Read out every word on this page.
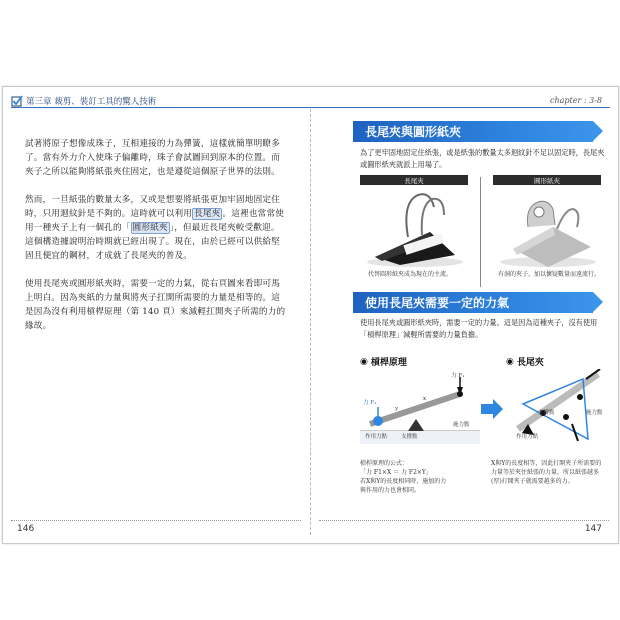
第三章 裁剪、裝訂工具的驚人技術	chapter : 3-8

試著將原子想像成珠子，互相連接的力為彈簧，這樣就簡單明瞭多了。當有外力介入使珠子偏離時，珠子會試圖回到原本的位置。而夾子之所以能夠將紙張夾住固定，也是遵從這個原子世界的法則。

然而，一旦紙張的數量太多，又或是想要將紙張更加牢固地固定住時，只用迴紋針是不夠的。這時就可以利用 長尾夾 。這裡也常常使用一種夾子上有一個孔的「 圓形紙夾 」，但最近長尾夾較受歡迎。這個構造據說明治時期就已經出現了。現在，由於已經可以供給堅固且便宜的鋼材，才成就了長尾夾的普及。

使用長尾夾或圓形紙夾時，需要一定的力氣，從右頁圖來看即可馬上明白。因為夾紙的力量與將夾子扛開所需要的力量是相等的。這是因為沒有利用槓桿原理（第 140 頁）來減輕扛開夾子所需的力的緣故。

146
長尾夾與圓形紙夾
為了更牢固地固定住紙張，或是紙張的數量太多迴紋針不足以固定時，長尾夾或圓形紙夾就派上用場了。
長尾夾	圓形紙夾
代替圓形紙夾成為現在的主流。	有洞的夾子，加以懷疑數量而遠流行。
使用長尾夾需要一定的力氣
使用長尾夾或圓形紙夾時，需要一定的力量。這是因為這種夾子，沒有使用「槓桿原理」減輕所需要的力量負擔。
◉ 槓桿原理	◉ 長尾夾
力 F₂
力 F₁
x
y
施力點
作用力點	支撐點
支撐點	施力點
作用力點
槓桿原理的公式：
「力 F1×X ＝ 力 F2×Y」
若X與Y的長度相同時，施加的力
與作用的力也會相同。
X與Y的長度相等，因此打開夾子所需要的力量等於夾住紙張的力量。所以紙張越多(厚)打開夾子就需要越多的力。
147
